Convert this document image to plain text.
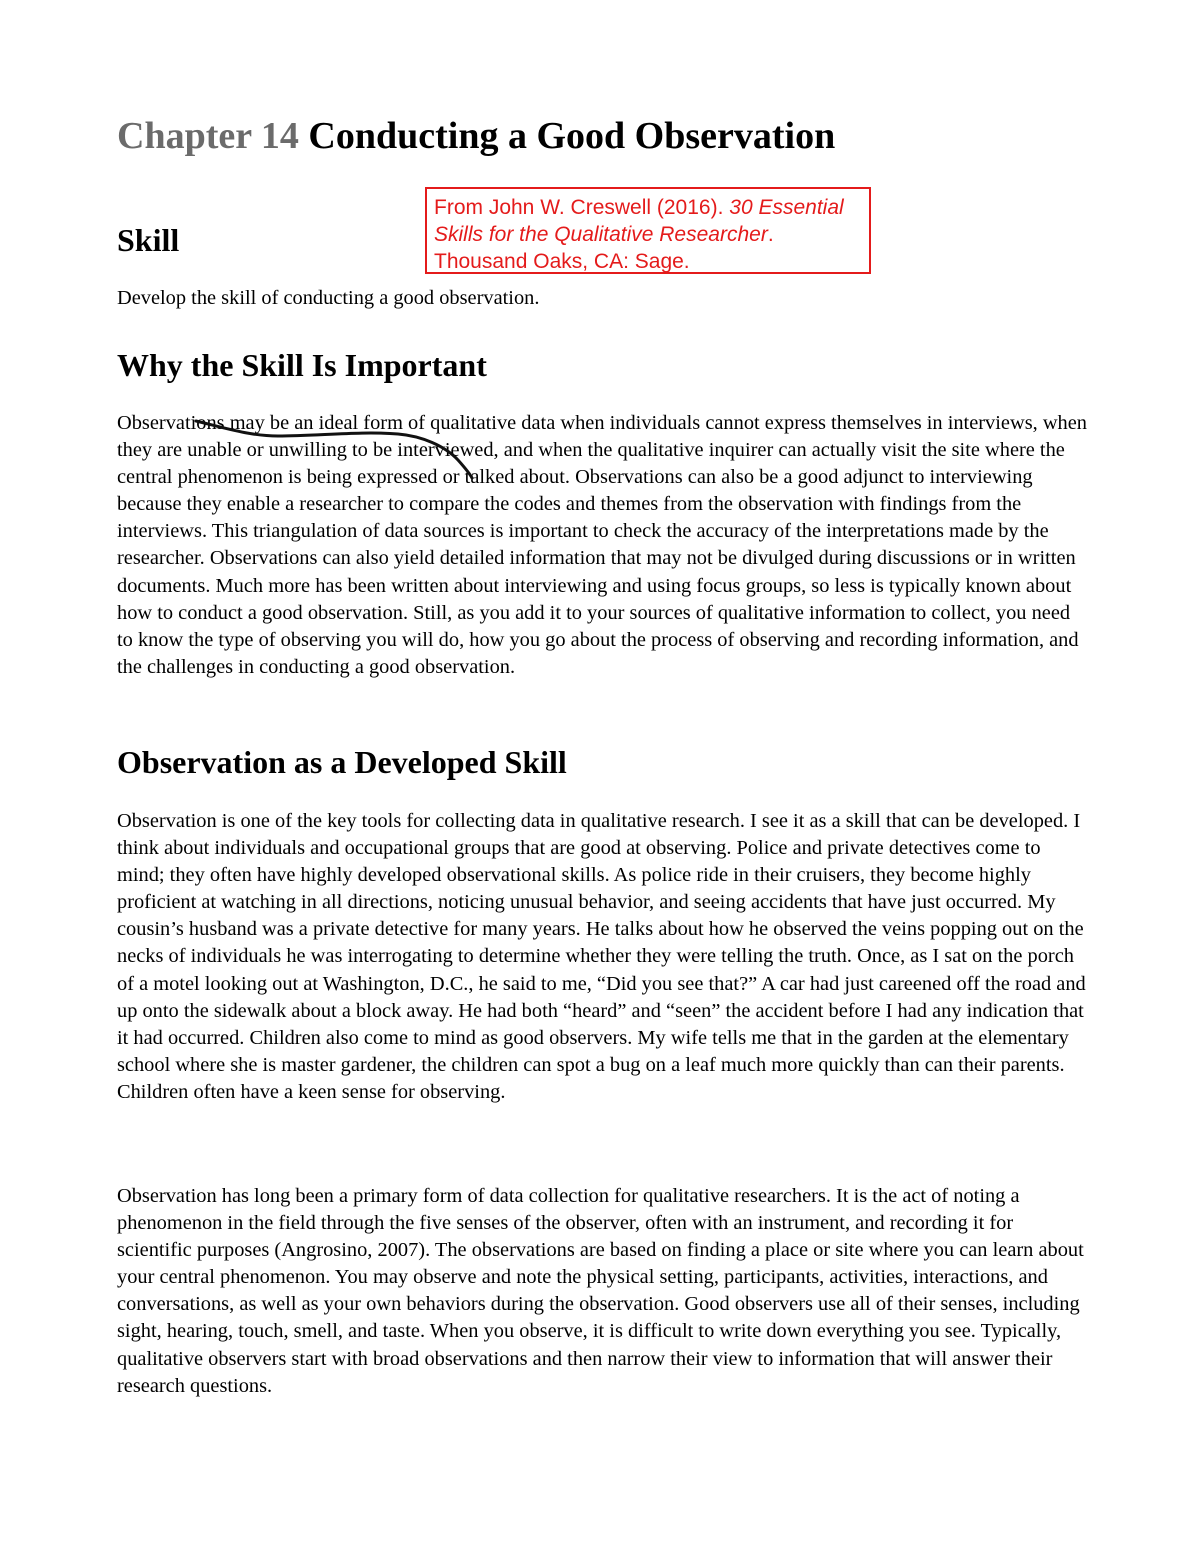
Chapter 14 Conducting a Good Observation
From John W. Creswell (2016). 30 Essential Skills for the Qualitative Researcher. Thousand Oaks, CA: Sage.
Skill

Develop the skill of conducting a good observation.

Why the Skill Is Important

Observations may be an ideal form of qualitative data when individuals cannot express themselves in interviews, when they are unable or unwilling to be interviewed, and when the qualitative inquirer can actually visit the site where the central phenomenon is being expressed or talked about. Observations can also be a good adjunct to interviewing because they enable a researcher to compare the codes and themes from the observation with findings from the interviews. This triangulation of data sources is important to check the accuracy of the interpretations made by the researcher. Observations can also yield detailed information that may not be divulged during discussions or in written documents. Much more has been written about interviewing and using focus groups, so less is typically known about how to conduct a good observation. Still, as you add it to your sources of qualitative information to collect, you need to know the type of observing you will do, how you go about the process of observing and recording information, and the challenges in conducting a good observation.

Observation as a Developed Skill

Observation is one of the key tools for collecting data in qualitative research. I see it as a skill that can be developed. I think about individuals and occupational groups that are good at observing. Police and private detectives come to mind; they often have highly developed observational skills. As police ride in their cruisers, they become highly proficient at watching in all directions, noticing unusual behavior, and seeing accidents that have just occurred. My cousin’s husband was a private detective for many years. He talks about how he observed the veins popping out on the necks of individuals he was interrogating to determine whether they were telling the truth. Once, as I sat on the porch of a motel looking out at Washington, D.C., he said to me, “Did you see that?” A car had just careened off the road and up onto the sidewalk about a block away. He had both “heard” and “seen” the accident before I had any indication that it had occurred. Children also come to mind as good observers. My wife tells me that in the garden at the elementary school where she is master gardener, the children can spot a bug on a leaf much more quickly than can their parents. Children often have a keen sense for observing.

Observation has long been a primary form of data collection for qualitative researchers. It is the act of noting a phenomenon in the field through the five senses of the observer, often with an instrument, and recording it for scientific purposes (Angrosino, 2007). The observations are based on finding a place or site where you can learn about your central phenomenon. You may observe and note the physical setting, participants, activities, interactions, and conversations, as well as your own behaviors during the observation. Good observers use all of their senses, including sight, hearing, touch, smell, and taste. When you observe, it is difficult to write down everything you see. Typically, qualitative observers start with broad observations and then narrow their view to information that will answer their research questions.
